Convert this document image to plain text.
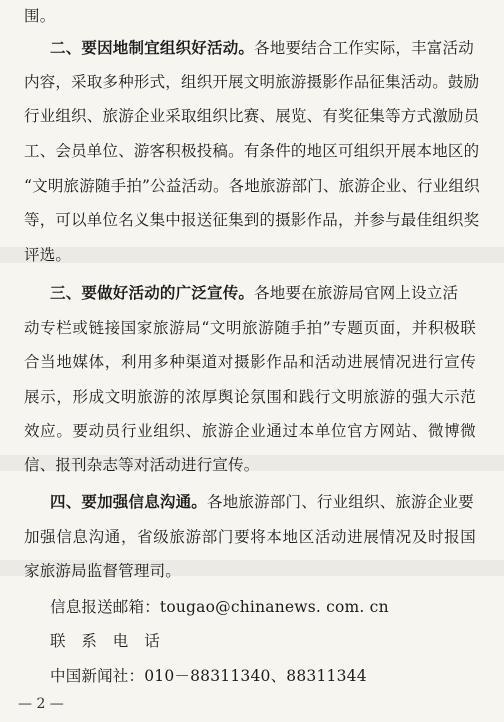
围。
二、要因地制宜组织好活动。各地要结合工作实际，丰富活动
内容，采取多种形式，组织开展文明旅游摄影作品征集活动。鼓励
行业组织、旅游企业采取组织比赛、展览、有奖征集等方式激励员
工、会员单位、游客积极投稿。有条件的地区可组织开展本地区的
“文明旅游随手拍”公益活动。各地旅游部门、旅游企业、行业组织
等，可以单位名义集中报送征集到的摄影作品，并参与最佳组织奖
评选。
三、要做好活动的广泛宣传。各地要在旅游局官网上设立活
动专栏或链接国家旅游局“文明旅游随手拍”专题页面，并积极联
合当地媒体，利用多种渠道对摄影作品和活动进展情况进行宣传
展示，形成文明旅游的浓厚舆论氛围和践行文明旅游的强大示范
效应。要动员行业组织、旅游企业通过本单位官方网站、微博微
信、报刊杂志等对活动进行宣传。
四、要加强信息沟通。各地旅游部门、行业组织、旅游企业要
加强信息沟通，省级旅游部门要将本地区活动进展情况及时报国
家旅游局监督管理司。
信息报送邮箱：tougao@chinanews. com. cn
联　系　电　话
中国新闻社：010－88311340、88311344
— 2 —
